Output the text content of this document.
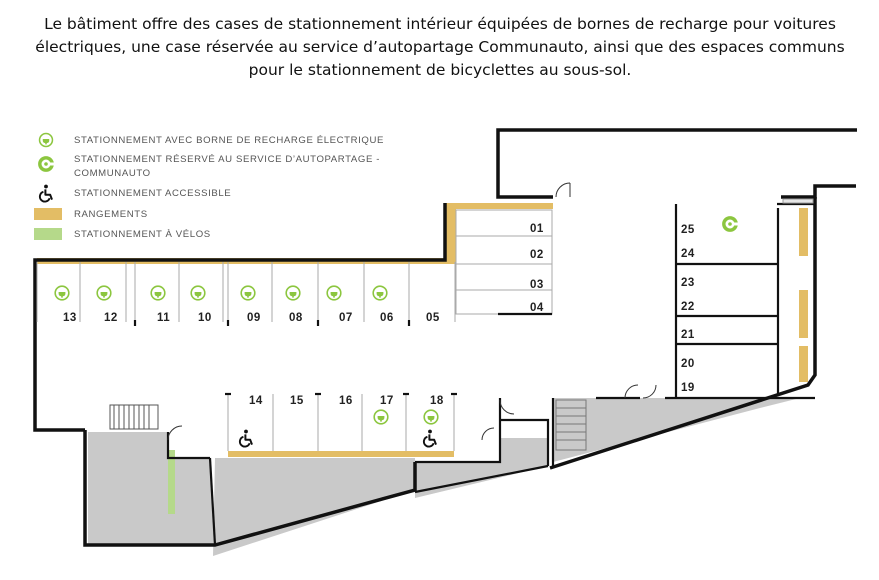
Le bâtiment offre des cases de stationnement intérieur équipées de bornes de recharge pour voitures électriques, une case réservée au service d’autopartage Communauto, ainsi que des espaces communs pour le stationnement de bicyclettes au sous-sol.
STATIONNEMENT AVEC BORNE DE RECHARGE ÉLECTRIQUE
STATIONNEMENT RÉSERVÉ AU SERVICE D’AUTOPARTAGE -
COMMUNAUTO
STATIONNEMENT ACCESSIBLE
RANGEMENTS
STATIONNEMENT À VÉLOS
13 12	11 10	09 08	07 06	05
01
02
03
04
14 15	16 17	18
25
24
23
22
21
20
19
